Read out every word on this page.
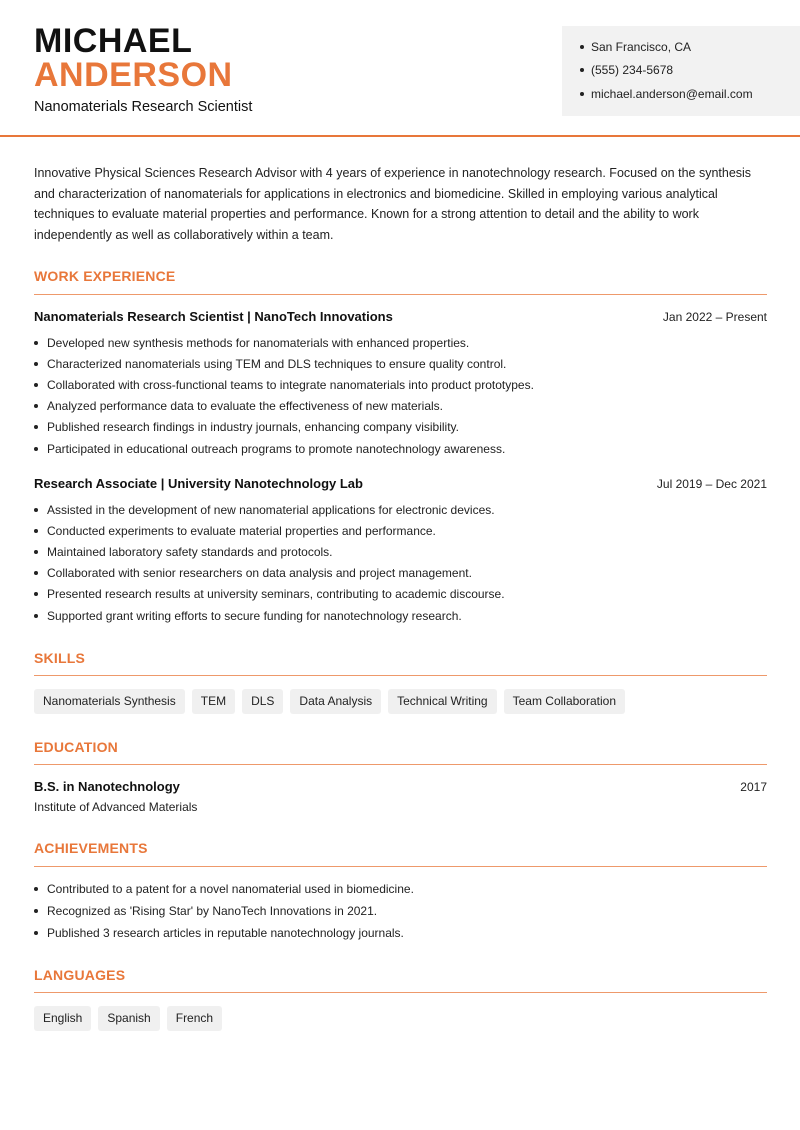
MICHAEL
ANDERSON
Nanomaterials Research Scientist
San Francisco, CA
(555) 234-5678
michael.anderson@email.com
Innovative Physical Sciences Research Advisor with 4 years of experience in nanotechnology research. Focused on the synthesis and characterization of nanomaterials for applications in electronics and biomedicine. Skilled in employing various analytical techniques to evaluate material properties and performance. Known for a strong attention to detail and the ability to work independently as well as collaboratively within a team.
WORK EXPERIENCE
Nanomaterials Research Scientist | NanoTech Innovations	Jan 2022 – Present
Developed new synthesis methods for nanomaterials with enhanced properties.
Characterized nanomaterials using TEM and DLS techniques to ensure quality control.
Collaborated with cross-functional teams to integrate nanomaterials into product prototypes.
Analyzed performance data to evaluate the effectiveness of new materials.
Published research findings in industry journals, enhancing company visibility.
Participated in educational outreach programs to promote nanotechnology awareness.
Research Associate | University Nanotechnology Lab	Jul 2019 – Dec 2021
Assisted in the development of new nanomaterial applications for electronic devices.
Conducted experiments to evaluate material properties and performance.
Maintained laboratory safety standards and protocols.
Collaborated with senior researchers on data analysis and project management.
Presented research results at university seminars, contributing to academic discourse.
Supported grant writing efforts to secure funding for nanotechnology research.
SKILLS
Nanomaterials Synthesis	TEM	DLS	Data Analysis	Technical Writing	Team Collaboration
EDUCATION
B.S. in Nanotechnology	2017
Institute of Advanced Materials
ACHIEVEMENTS
Contributed to a patent for a novel nanomaterial used in biomedicine.
Recognized as 'Rising Star' by NanoTech Innovations in 2021.
Published 3 research articles in reputable nanotechnology journals.
LANGUAGES
English	Spanish	French
